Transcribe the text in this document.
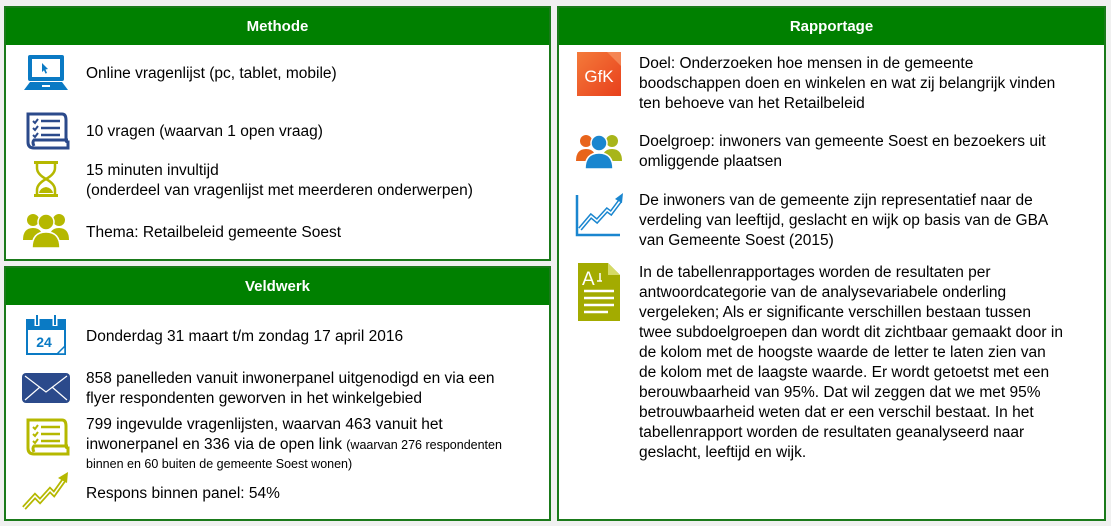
Methode
Online vragenlijst (pc, tablet, mobile)
10 vragen (waarvan 1 open vraag)
15 minuten invultijd
(onderdeel van vragenlijst met meerderen onderwerpen)
Thema: Retailbeleid gemeente Soest
Veldwerk
24 Donderdag 31 maart t/m zondag 17 april 2016
858 panelleden vanuit inwonerpanel uitgenodigd en via een
flyer respondenten geworven in het winkelgebied
799 ingevulde vragenlijsten, waarvan 463 vanuit het
inwonerpanel en 336 via de open link (waarvan 276 respondenten
binnen en 60 buiten de gemeente Soest wonen)
Respons binnen panel: 54%
Rapportage
GfK
Doel: Onderzoeken hoe mensen in de gemeente
boodschappen doen en winkelen en wat zij belangrijk vinden
ten behoeve van het Retailbeleid
Doelgroep: inwoners van gemeente Soest en bezoekers uit
omliggende plaatsen
De inwoners van de gemeente zijn representatief naar de
verdeling van leeftijd, geslacht en wijk op basis van de GBA
van Gemeente Soest (2015)
A	In de tabellenrapportages worden de resultaten per
antwoordcategorie van de analysevariabele onderling
vergeleken; Als er significante verschillen bestaan tussen
twee subdoelgroepen dan wordt dit zichtbaar gemaakt door in
de kolom met de hoogste waarde de letter te laten zien van
de kolom met de laagste waarde. Er wordt getoetst met een
berouwbaarheid van 95%. Dat wil zeggen dat we met 95%
betrouwbaarheid weten dat er een verschil bestaat. In het
tabellenrapport worden de resultaten geanalyseerd naar
geslacht, leeftijd en wijk.
